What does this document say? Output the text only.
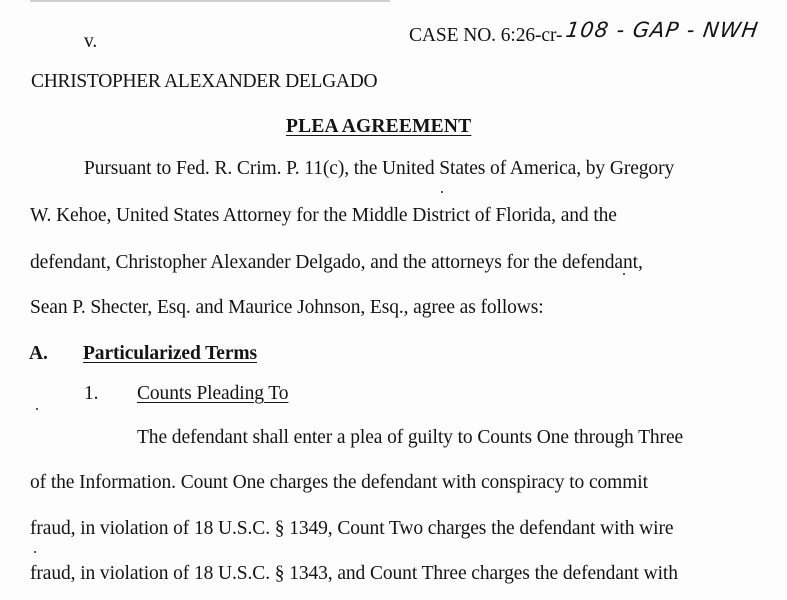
v.	CASE NO. 6:26-cr- 108 - GAP - NWH
CHRISTOPHER ALEXANDER DELGADO
PLEA AGREEMENT
Pursuant to Fed. R. Crim. P. 11(c), the United States of America, by Gregory
W. Kehoe, United States Attorney for the Middle District of Florida, and the
defendant, Christopher Alexander Delgado, and the attorneys for the defendant,
Sean P. Shecter, Esq. and Maurice Johnson, Esq., agree as follows:
A. Particularized Terms
1. Counts Pleading To
The defendant shall enter a plea of guilty to Counts One through Three
of the Information. Count One charges the defendant with conspiracy to commit
fraud, in violation of 18 U.S.C. § 1349, Count Two charges the defendant with wire
fraud, in violation of 18 U.S.C. § 1343, and Count Three charges the defendant with
